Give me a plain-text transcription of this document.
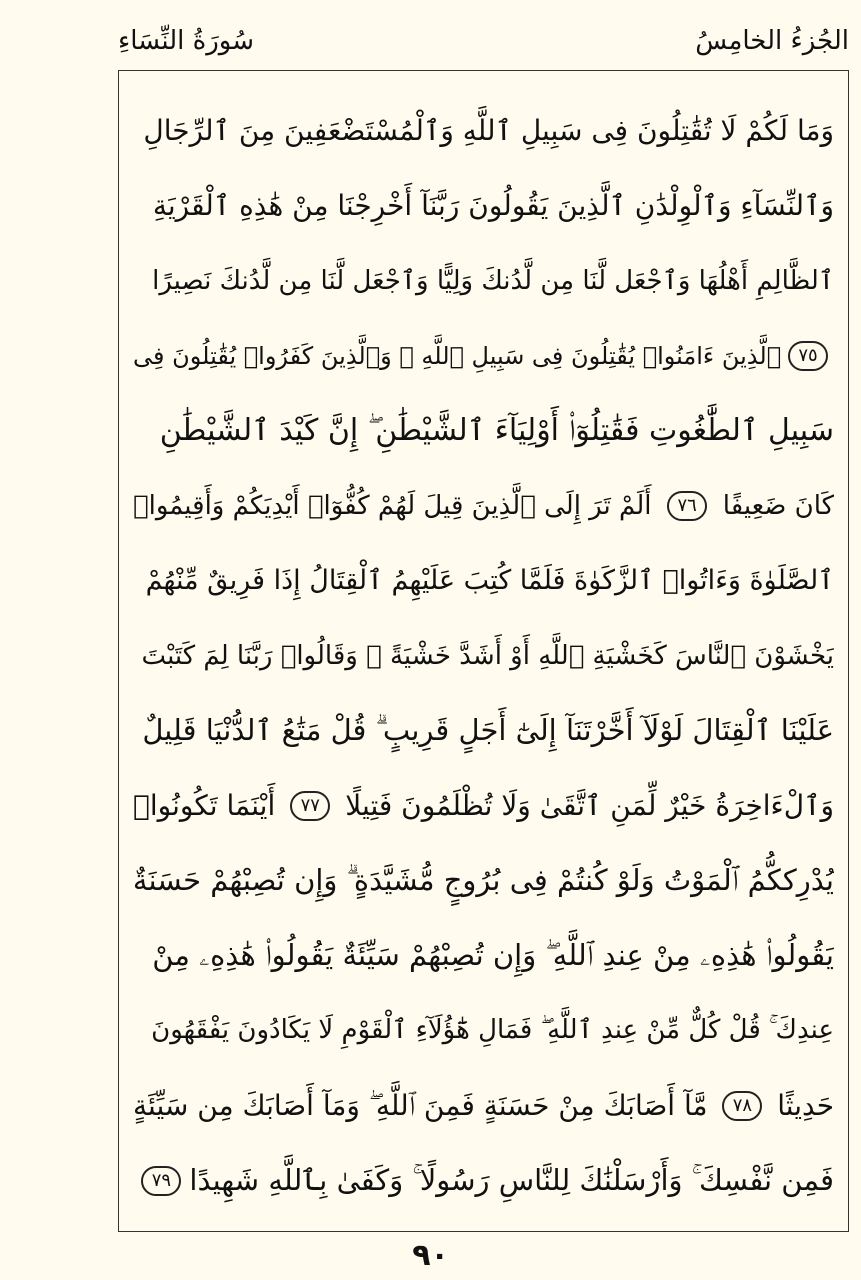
الجُزءُ الخامِسُ
سُورَةُ النِّسَاءِ
وَمَا لَكُمْ لَا تُقَٰتِلُونَ فِى سَبِيلِ ٱللَّهِ وَٱلْمُسْتَضْعَفِينَ مِنَ ٱلرِّجَالِ
وَٱلنِّسَآءِ وَٱلْوِلْدَٰنِ ٱلَّذِينَ يَقُولُونَ رَبَّنَآ أَخْرِجْنَا مِنْ هَٰذِهِ ٱلْقَرْيَةِ
ٱلظَّالِمِ أَهْلُهَا وَٱجْعَل لَّنَا مِن لَّدُنكَ وَلِيًّا وَٱجْعَل لَّنَا مِن لَّدُنكَ نَصِيرًا
٧٥
ٱلَّذِينَ ءَامَنُوا۟ يُقَٰتِلُونَ فِى سَبِيلِ ٱللَّهِ ۖ وَٱلَّذِينَ كَفَرُوا۟ يُقَٰتِلُونَ فِى
سَبِيلِ ٱلطَّٰغُوتِ فَقَٰتِلُوٓا۟ أَوْلِيَآءَ ٱلشَّيْطَٰنِ ۖ إِنَّ كَيْدَ ٱلشَّيْطَٰنِ
كَانَ ضَعِيفًا
٧٦
أَلَمْ تَرَ إِلَى ٱلَّذِينَ قِيلَ لَهُمْ كُفُّوٓا۟ أَيْدِيَكُمْ وَأَقِيمُوا۟
ٱلصَّلَوٰةَ وَءَاتُوا۟ ٱلزَّكَوٰةَ فَلَمَّا كُتِبَ عَلَيْهِمُ ٱلْقِتَالُ إِذَا فَرِيقٌ مِّنْهُمْ
يَخْشَوْنَ ٱلنَّاسَ كَخَشْيَةِ ٱللَّهِ أَوْ أَشَدَّ خَشْيَةً ۚ وَقَالُوا۟ رَبَّنَا لِمَ كَتَبْتَ
عَلَيْنَا ٱلْقِتَالَ لَوْلَآ أَخَّرْتَنَآ إِلَىٰٓ أَجَلٍ قَرِيبٍ ۗ قُلْ مَتَٰعُ ٱلدُّنْيَا قَلِيلٌ
وَٱلْءَاخِرَةُ خَيْرٌ لِّمَنِ ٱتَّقَىٰ وَلَا تُظْلَمُونَ فَتِيلًا
٧٧
أَيْنَمَا تَكُونُوا۟
يُدْرِككُّمُ ٱلْمَوْتُ وَلَوْ كُنتُمْ فِى بُرُوجٍ مُّشَيَّدَةٍ ۗ وَإِن تُصِبْهُمْ حَسَنَةٌ
يَقُولُوا۟ هَٰذِهِۦ مِنْ عِندِ ٱللَّهِ ۖ وَإِن تُصِبْهُمْ سَيِّئَةٌ يَقُولُوا۟ هَٰذِهِۦ مِنْ
عِندِكَ ۚ قُلْ كُلٌّ مِّنْ عِندِ ٱللَّهِ ۖ فَمَالِ هَٰٓؤُلَآءِ ٱلْقَوْمِ لَا يَكَادُونَ يَفْقَهُونَ
حَدِيثًا
٧٨
مَّآ أَصَابَكَ مِنْ حَسَنَةٍ فَمِنَ ٱللَّهِ ۖ وَمَآ أَصَابَكَ مِن سَيِّئَةٍ
فَمِن نَّفْسِكَ ۚ وَأَرْسَلْنَٰكَ لِلنَّاسِ رَسُولًا ۚ وَكَفَىٰ بِٱللَّهِ شَهِيدًا
٧٩
٩٠
